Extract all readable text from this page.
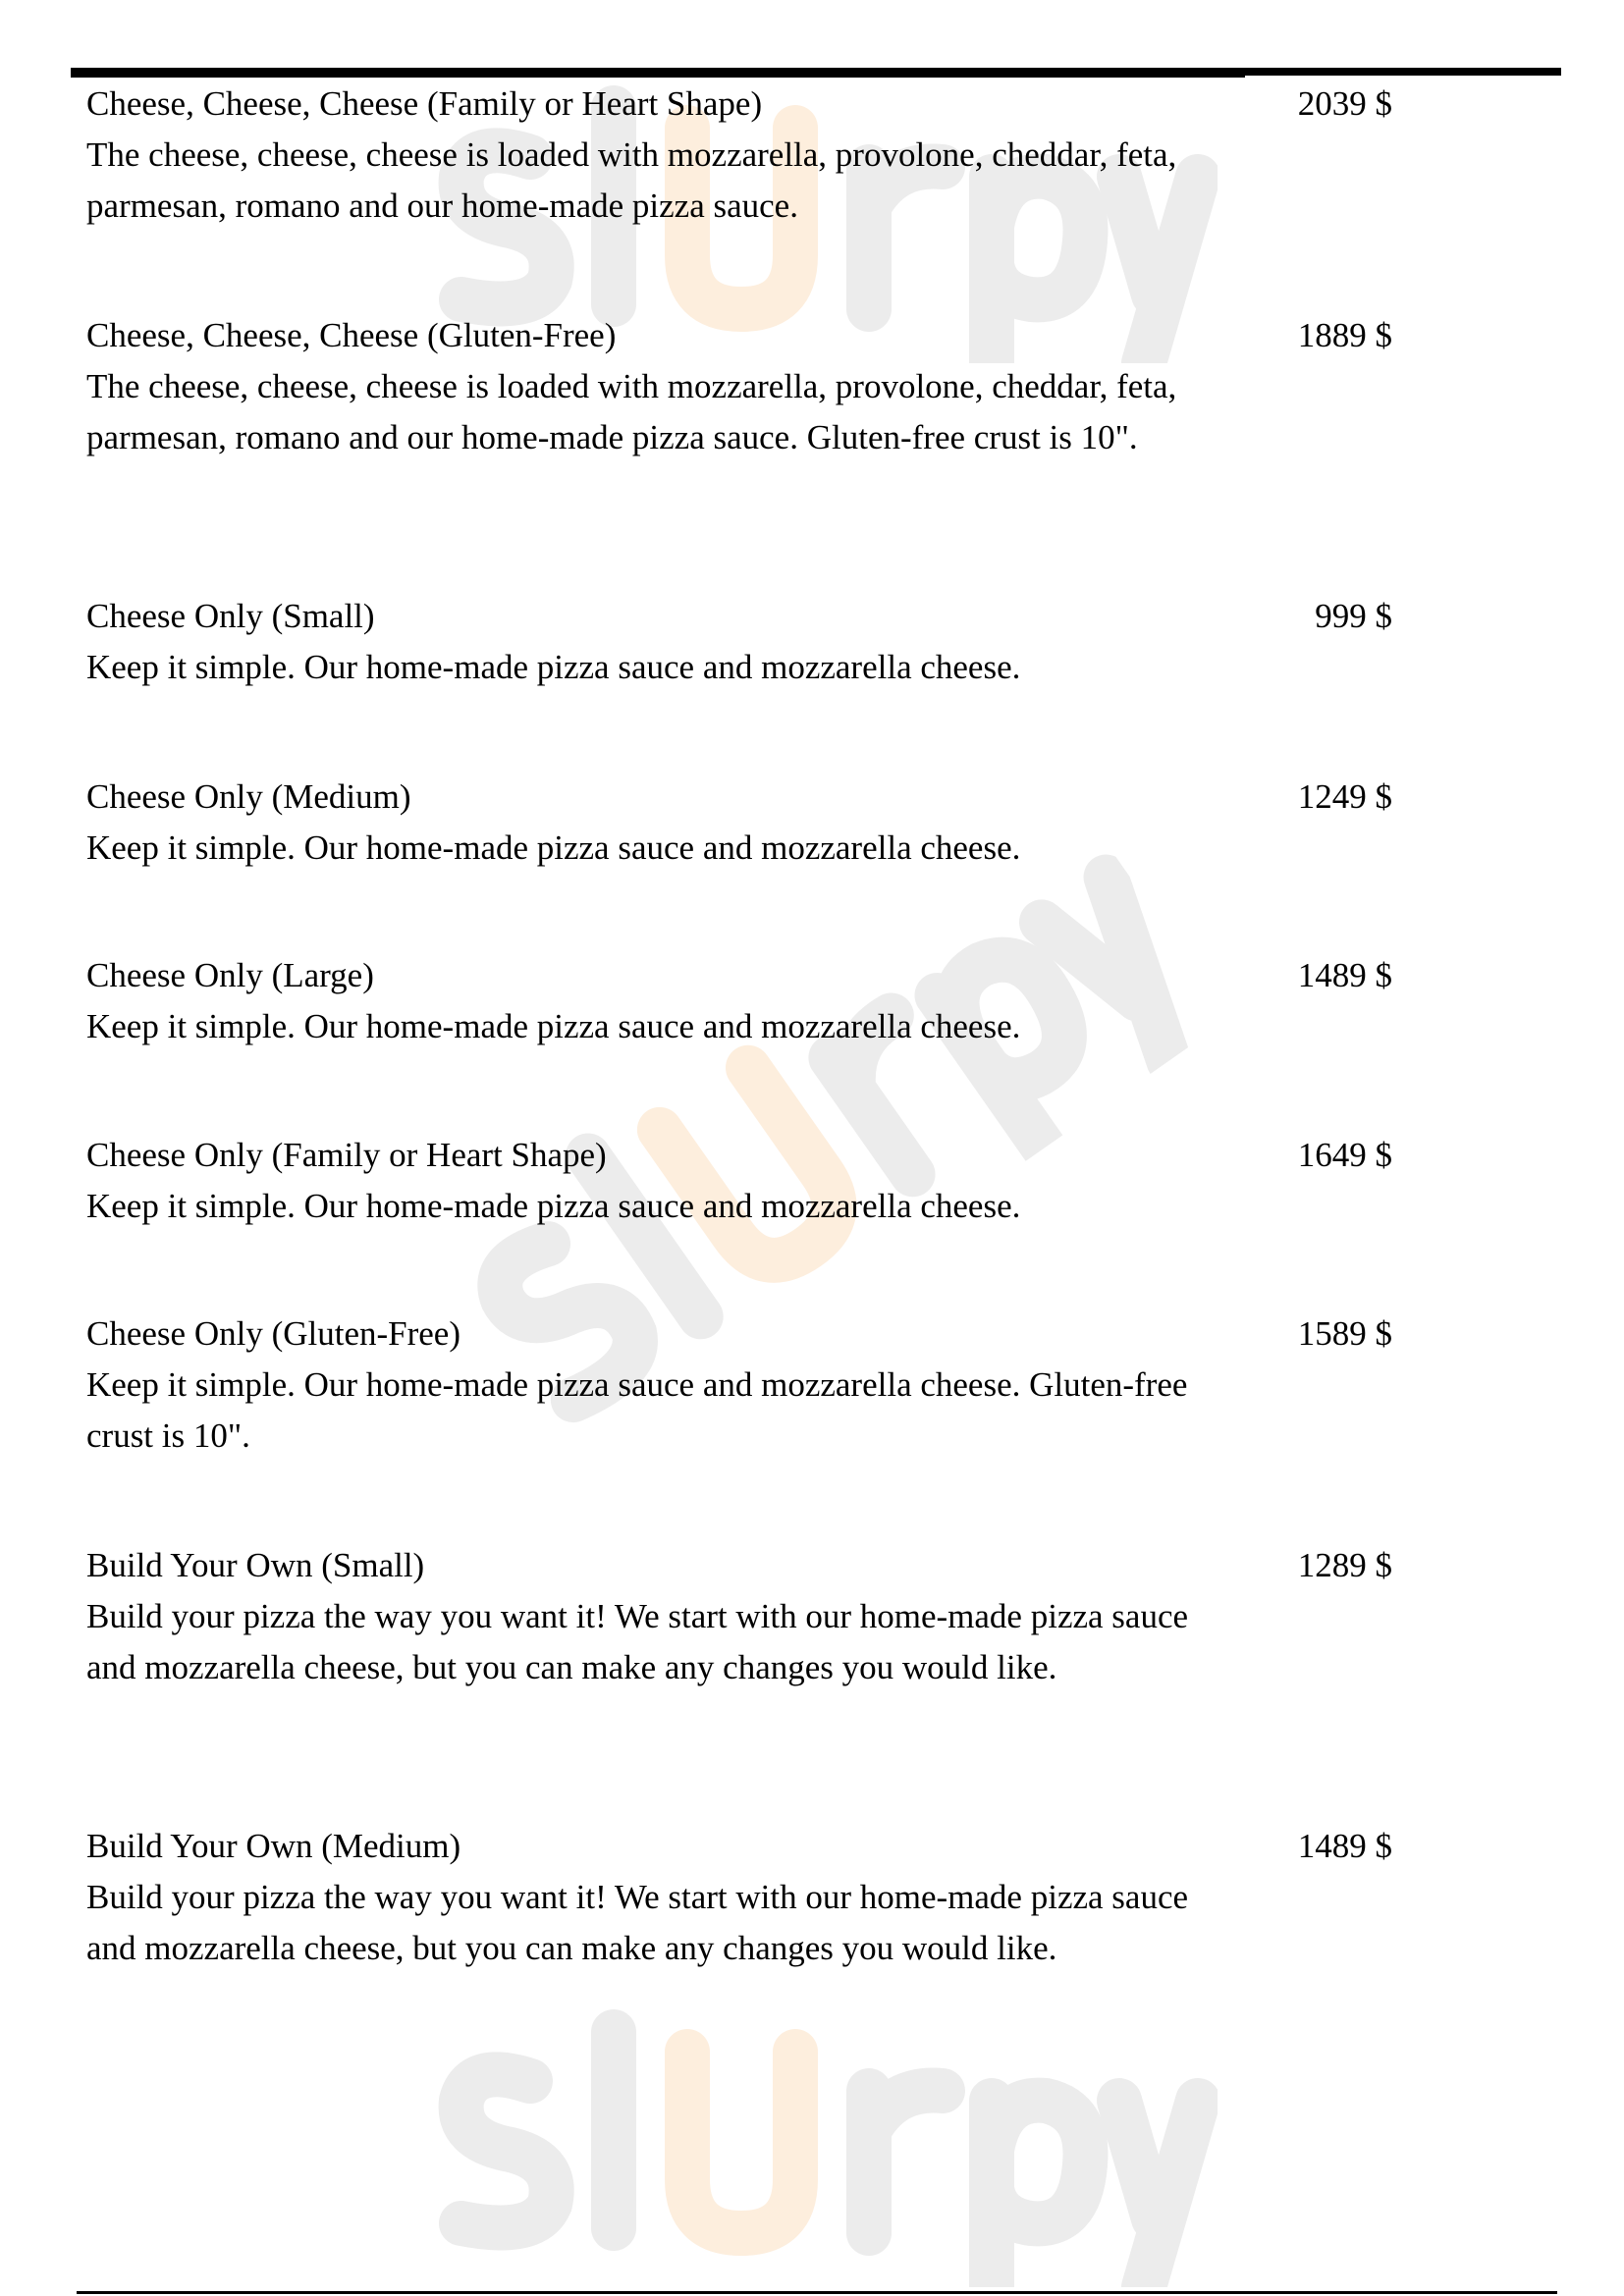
Cheese, Cheese, Cheese (Family or Heart Shape)
The cheese, cheese, cheese is loaded with mozzarella, provolone, cheddar, feta, parmesan, romano and our home-made pizza sauce.
2039 $
Cheese, Cheese, Cheese (Gluten-Free)
The cheese, cheese, cheese is loaded with mozzarella, provolone, cheddar, feta, parmesan, romano and our home-made pizza sauce. Gluten-free crust is 10".
1889 $
Cheese Only (Small)
Keep it simple. Our home-made pizza sauce and mozzarella cheese.
999 $
Cheese Only (Medium)
Keep it simple. Our home-made pizza sauce and mozzarella cheese.
1249 $
Cheese Only (Large)
Keep it simple. Our home-made pizza sauce and mozzarella cheese.
1489 $
Cheese Only (Family or Heart Shape)
Keep it simple. Our home-made pizza sauce and mozzarella cheese.
1649 $
Cheese Only (Gluten-Free)
Keep it simple. Our home-made pizza sauce and mozzarella cheese. Gluten-free crust is 10".
1589 $
Build Your Own (Small)
Build your pizza the way you want it! We start with our home-made pizza sauce and mozzarella cheese, but you can make any changes you would like.
1289 $
Build Your Own (Medium)
Build your pizza the way you want it! We start with our home-made pizza sauce and mozzarella cheese, but you can make any changes you would like.
1489 $
